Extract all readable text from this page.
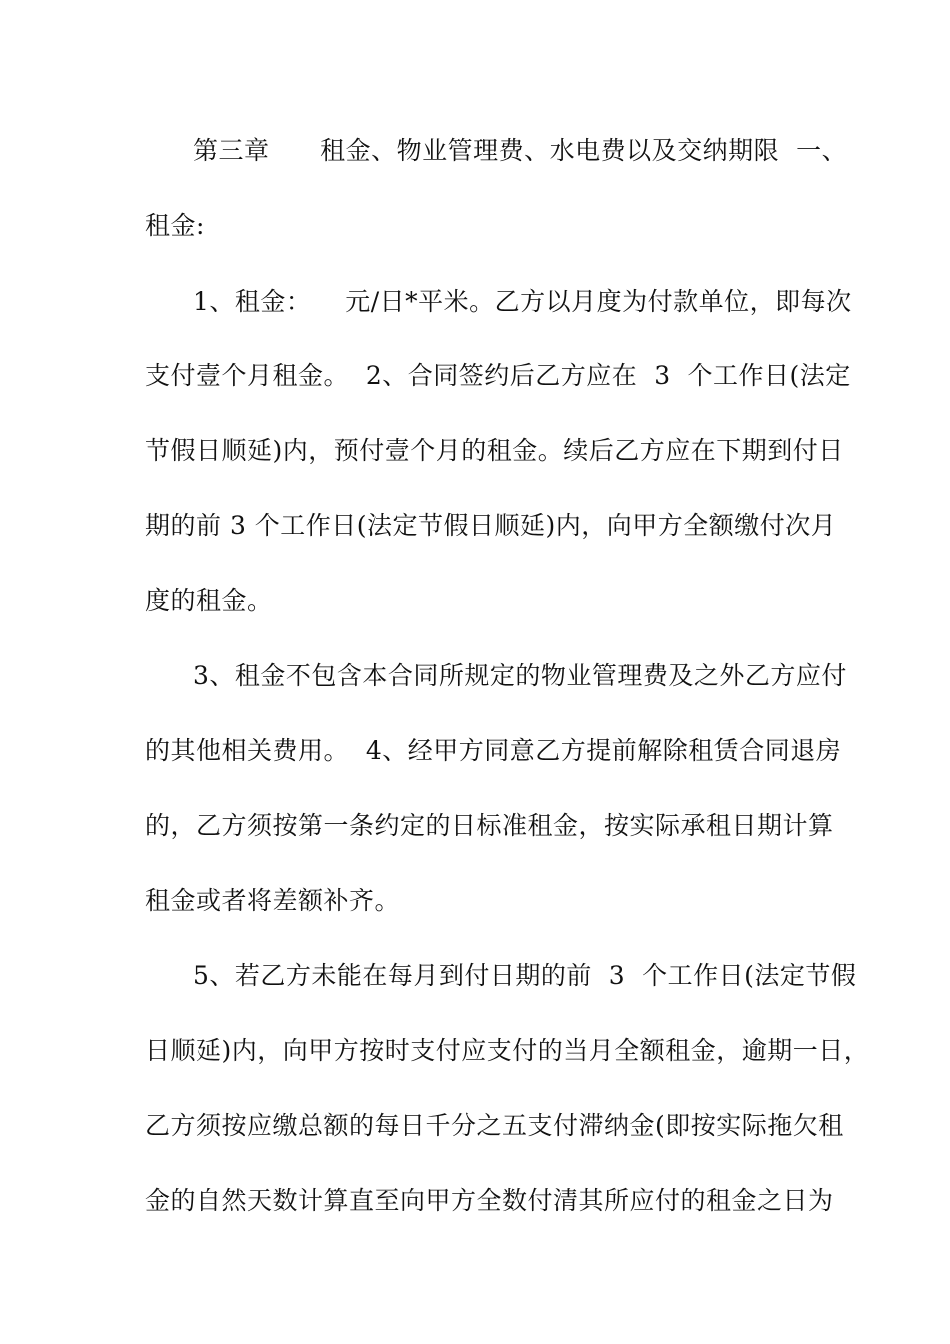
第三章      租金、物业管理费、水电费以及交纳期限  一、
租金:
1、租金：    元/日*平米。乙方以月度为付款单位，即每次
支付壹个月租金。  2、合同签约后乙方应在  3  个工作日(法定
节假日顺延)内，预付壹个月的租金。续后乙方应在下期到付日
期的前 3 个工作日(法定节假日顺延)内，向甲方全额缴付次月
度的租金。
3、租金不包含本合同所规定的物业管理费及之外乙方应付
的其他相关费用。  4、经甲方同意乙方提前解除租赁合同退房
的，乙方须按第一条约定的日标准租金，按实际承租日期计算
租金或者将差额补齐。
5、若乙方未能在每月到付日期的前  3  个工作日(法定节假
日顺延)内，向甲方按时支付应支付的当月全额租金，逾期一日，
乙方须按应缴总额的每日千分之五支付滞纳金(即按实际拖欠租
金的自然天数计算直至向甲方全数付清其所应付的租金之日为
